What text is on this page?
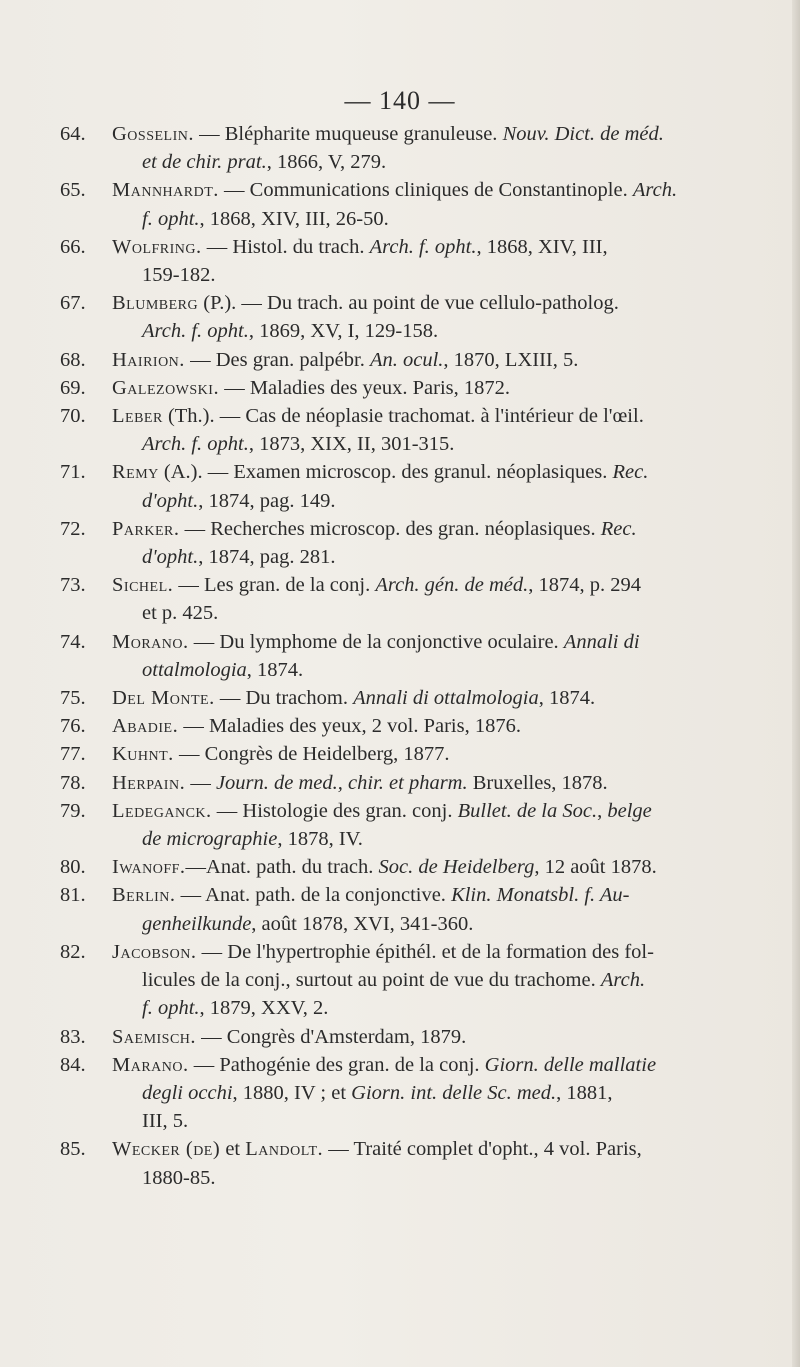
— 140 —
64. Gosselin. — Blépharite muqueuse granuleuse. Nouv. Dict. de méd.
et de chir. prat., 1866, V, 279.
65. Mannhardt. — Communications cliniques de Constantinople. Arch.
f. opht., 1868, XIV, III, 26-50.
66. Wolfring. — Histol. du trach. Arch. f. opht., 1868, XIV, III,
159-182.
67. Blumberg (P.). — Du trach. au point de vue cellulo-patholog.
Arch. f. opht., 1869, XV, I, 129-158.
68. Hairion. — Des gran. palpébr. An. ocul., 1870, LXIII, 5.
69. Galezowski. — Maladies des yeux. Paris, 1872.
70. Leber (Th.). — Cas de néoplasie trachomat. à l'intérieur de l'œil.
Arch. f. opht., 1873, XIX, II, 301-315.
71. Remy (A.). — Examen microscop. des granul. néoplasiques. Rec.
d'opht., 1874, pag. 149.
72. Parker. — Recherches microscop. des gran. néoplasiques. Rec.
d'opht., 1874, pag. 281.
73. Sichel. — Les gran. de la conj. Arch. gén. de méd., 1874, p. 294
et p. 425.
74. Morano. — Du lymphome de la conjonctive oculaire. Annali di
ottalmologia, 1874.
75. Del Monte. — Du trachom. Annali di ottalmologia, 1874.
76. Abadie. — Maladies des yeux, 2 vol. Paris, 1876.
77. Kuhnt. — Congrès de Heidelberg, 1877.
78. Herpain. — Journ. de med., chir. et pharm. Bruxelles, 1878.
79. Ledeganck. — Histologie des gran. conj. Bullet. de la Soc., belge
de micrographie, 1878, IV.
80. Iwanoff.—Anat. path. du trach. Soc. de Heidelberg, 12 août 1878.
81. Berlin. — Anat. path. de la conjonctive. Klin. Monatsbl. f. Au-
genheilkunde, août 1878, XVI, 341-360.
82. Jacobson. — De l'hypertrophie épithél. et de la formation des fol-
licules de la conj., surtout au point de vue du trachome. Arch.
f. opht., 1879, XXV, 2.
83. Saemisch. — Congrès d'Amsterdam, 1879.
84. Marano. — Pathogénie des gran. de la conj. Giorn. delle mallatie
degli occhi, 1880, IV ; et Giorn. int. delle Sc. med., 1881,
III, 5.
85. Wecker (de) et Landolt. — Traité complet d'opht., 4 vol. Paris,
1880-85.
